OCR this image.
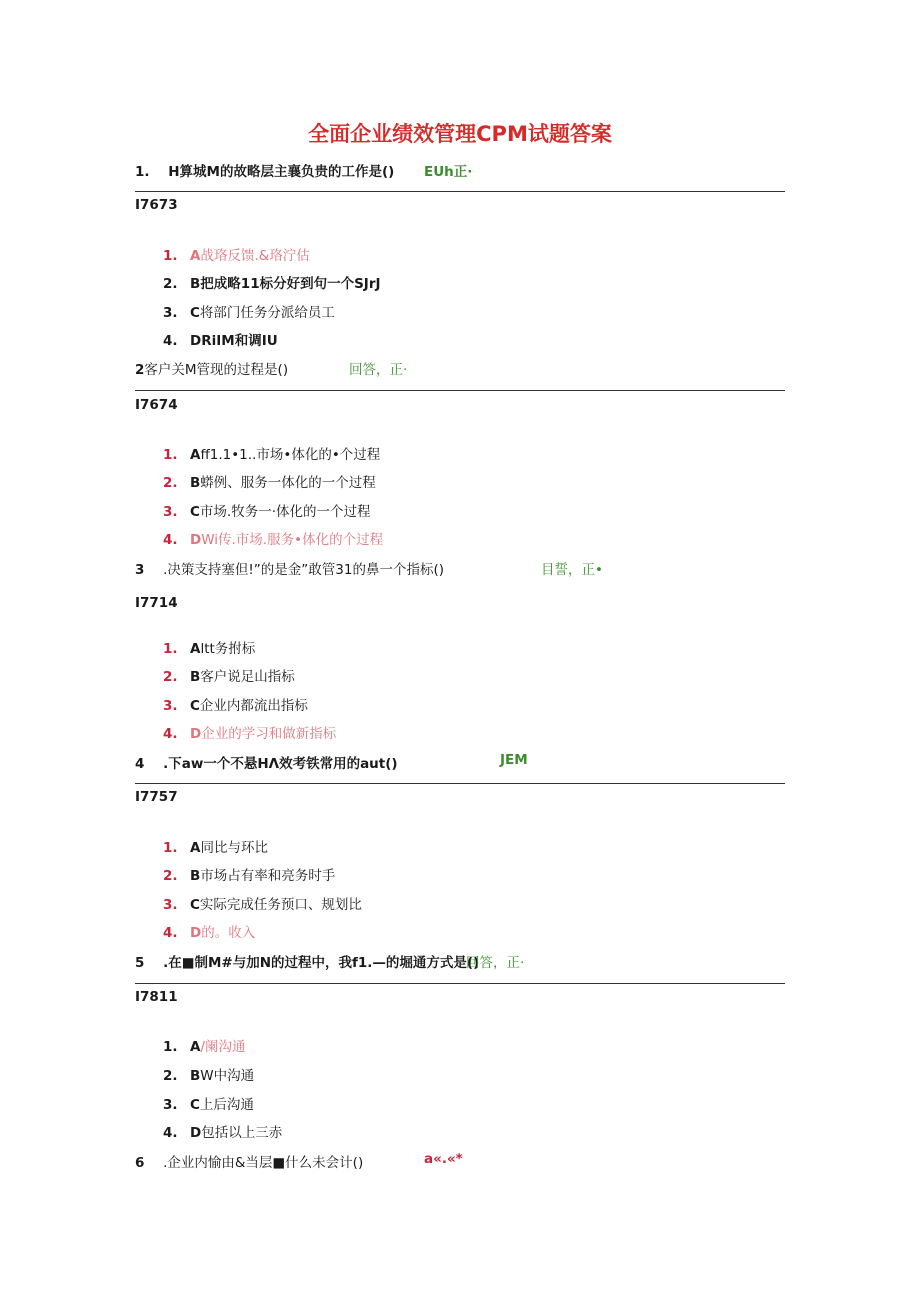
全面企业绩效管理CPM试题答案
1. H算城M的故略层主襄负贵的工作是() EUh正·
I7673
1. A战珞反馈.&珞泞估
2. B把成略11标分好到句一个SJrJ
3. C将部门任务分派给员工
4. DRiIM和调IU
2客户关M管现的过程是()	回答，正·
I7674
1. Aff1.1•1..市场•体化的•个过程
2. B蟒例、服务一体化的一个过程
3. C市场.牧务一·体化的一个过程
4. DWi传.市场.服务•体化的个过程
3 .决策支持塞但!”的是金”敢管31的鼻一个指标()	目誓，正•
I7714
1. Altt务拊标
2. B客户说足山指标
3. C企业内都流出指标
4. D企业的学习和做新指标
4 .下aw一个不悬HΛ效考铁常用的aut()	JEM
I7757
1. A同比与环比
2. B市场占有率和亮务时手
3. C实际完成任务预口、规划比
4. D的。收入
5 .在■制M#与加N的过程中，我f1.—的堀通方式是()
回答，正·
I7811
1. A/阑沟通
2. BW中沟通
3. C上后沟通
4. D包括以上三赤
6 .企业内愉由&当层■什么未会计()	a«.«*
